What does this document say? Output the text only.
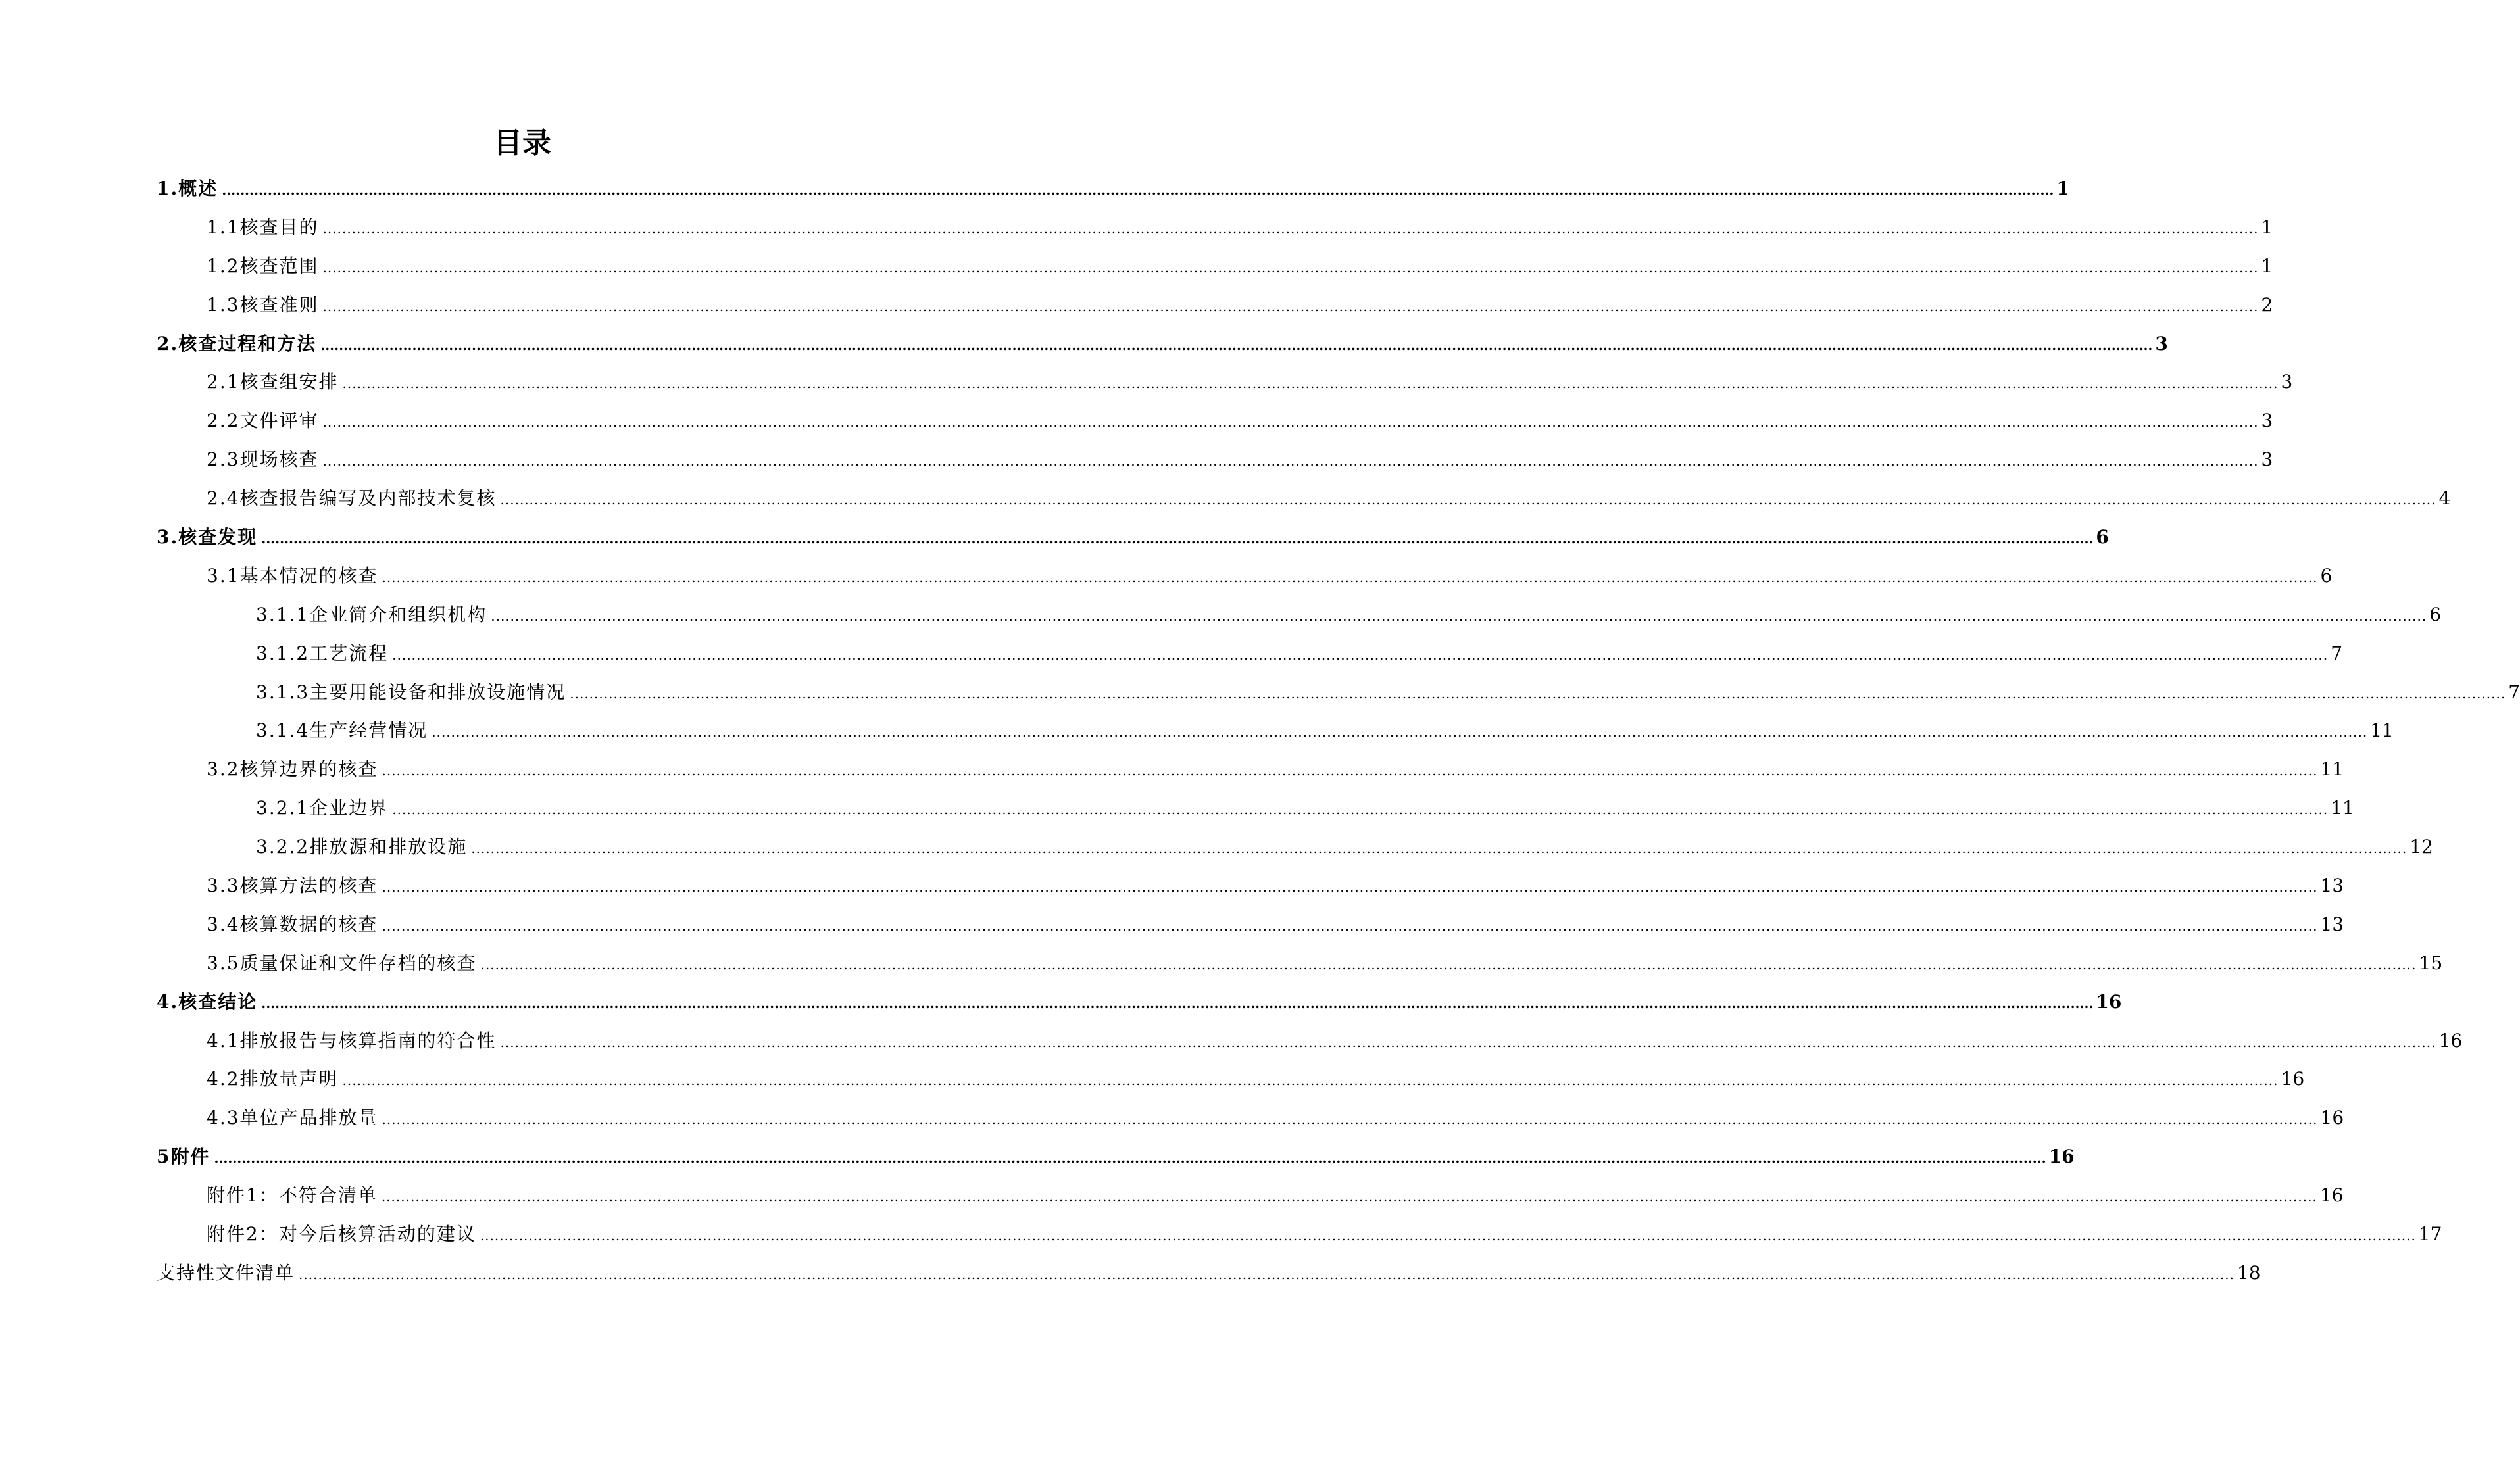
目录
1.概述 ................................................................................................................................................................................................................................................................................................................................................................................................................ 1
1.1核查目的 ................................................................................................................................................................................................................................................................................................................................................................................................................ 1
1.2核查范围 ................................................................................................................................................................................................................................................................................................................................................................................................................ 1
1.3核查准则 ................................................................................................................................................................................................................................................................................................................................................................................................................ 2
2.核查过程和方法 ................................................................................................................................................................................................................................................................................................................................................................................................................ 3
2.1核查组安排 ................................................................................................................................................................................................................................................................................................................................................................................................................ 3
2.2文件评审 ................................................................................................................................................................................................................................................................................................................................................................................................................ 3
2.3现场核查 ................................................................................................................................................................................................................................................................................................................................................................................................................ 3
2.4核查报告编写及内部技术复核 ................................................................................................................................................................................................................................................................................................................................................................................................................ 4
3.核查发现 ................................................................................................................................................................................................................................................................................................................................................................................................................ 6
3.1基本情况的核查 ................................................................................................................................................................................................................................................................................................................................................................................................................ 6
3.1.1企业简介和组织机构 ................................................................................................................................................................................................................................................................................................................................................................................................................ 6
3.1.2工艺流程 ................................................................................................................................................................................................................................................................................................................................................................................................................ 7
3.1.3主要用能设备和排放设施情况 ................................................................................................................................................................................................................................................................................................................................................................................................................ 7
3.1.4生产经营情况 ................................................................................................................................................................................................................................................................................................................................................................................................................ 11
3.2核算边界的核查 ................................................................................................................................................................................................................................................................................................................................................................................................................ 11
3.2.1企业边界 ................................................................................................................................................................................................................................................................................................................................................................................................................ 11
3.2.2排放源和排放设施 ................................................................................................................................................................................................................................................................................................................................................................................................................ 12
3.3核算方法的核查 ................................................................................................................................................................................................................................................................................................................................................................................................................ 13
3.4核算数据的核查 ................................................................................................................................................................................................................................................................................................................................................................................................................ 13
3.5质量保证和文件存档的核查 ................................................................................................................................................................................................................................................................................................................................................................................................................ 15
4.核查结论 ................................................................................................................................................................................................................................................................................................................................................................................................................ 16
4.1排放报告与核算指南的符合性 ................................................................................................................................................................................................................................................................................................................................................................................................................ 16
4.2排放量声明 ................................................................................................................................................................................................................................................................................................................................................................................................................ 16
4.3单位产品排放量 ................................................................................................................................................................................................................................................................................................................................................................................................................ 16
5附件 ................................................................................................................................................................................................................................................................................................................................................................................................................ 16
附件1：不符合清单 ................................................................................................................................................................................................................................................................................................................................................................................................................ 16
附件2：对今后核算活动的建议 ................................................................................................................................................................................................................................................................................................................................................................................................................ 17
支持性文件清单 ................................................................................................................................................................................................................................................................................................................................................................................................................ 18
